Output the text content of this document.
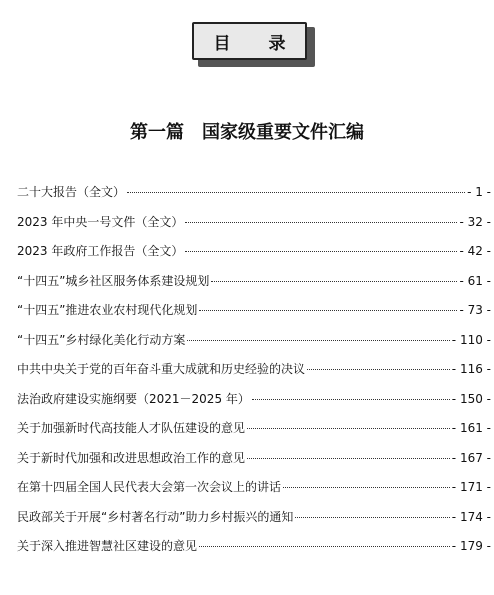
目 录
第一篇　国家级重要文件汇编
二十大报告（全文）	- 1 -
2023 年中央一号文件（全文）	- 32 -
2023 年政府工作报告（全文）	- 42 -
“十四五”城乡社区服务体系建设规划	- 61 -
“十四五”推进农业农村现代化规划	- 73 -
“十四五”乡村绿化美化行动方案	- 110 -
中共中央关于党的百年奋斗重大成就和历史经验的决议	- 116 -
法治政府建设实施纲要（2021－2025 年）	- 150 -
关于加强新时代高技能人才队伍建设的意见	- 161 -
关于新时代加强和改进思想政治工作的意见	- 167 -
在第十四届全国人民代表大会第一次会议上的讲话	- 171 -
民政部关于开展“乡村著名行动”助力乡村振兴的通知	- 174 -
关于深入推进智慧社区建设的意见	- 179 -
